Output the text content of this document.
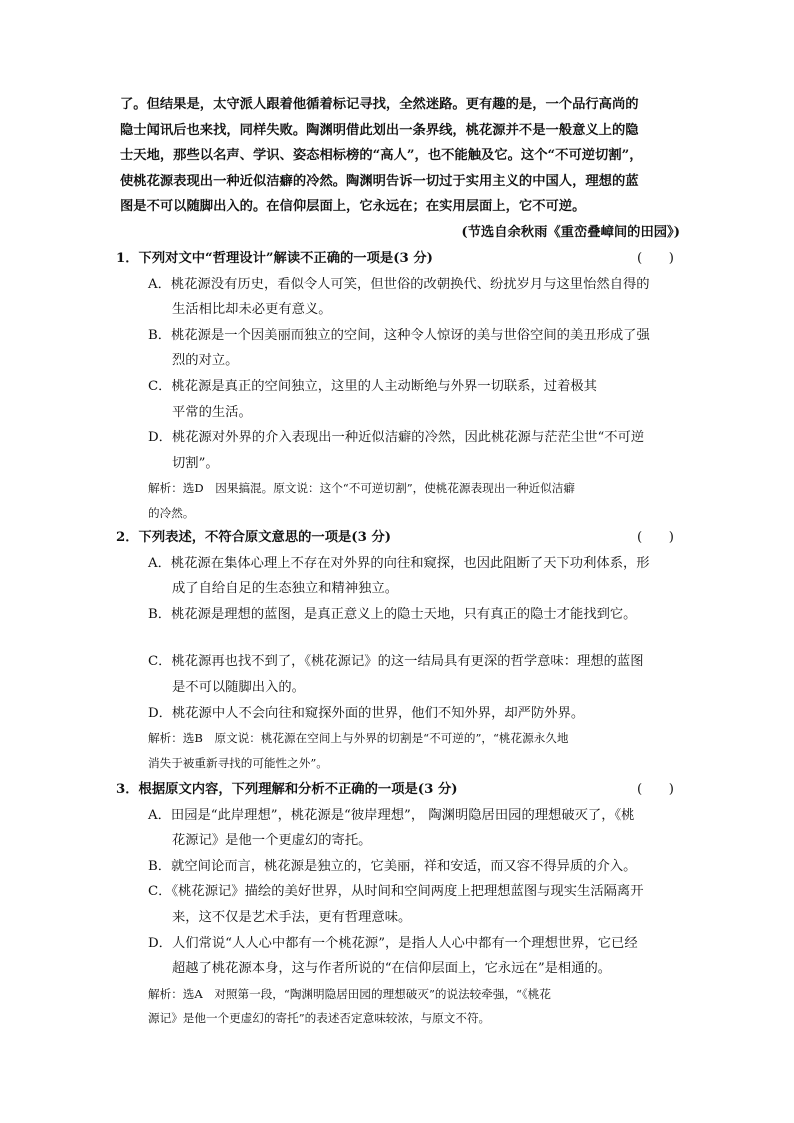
了。但结果是，太守派人跟着他循着标记寻找，全然迷路。更有趣的是，一个品行高尚的

隐士闻讯后也来找，同样失败。陶渊明借此划出一条界线，桃花源并不是一般意义上的隐

士天地，那些以名声、学识、姿态相标榜的“高人”，也不能触及它。这个“不可逆切割”，

使桃花源表现出一种近似洁癖的冷然。陶渊明告诉一切过于实用主义的中国人，理想的蓝

图是不可以随脚出入的。在信仰层面上，它永远在；在实用层面上，它不可逆。

(节选自余秋雨《重峦叠嶂间的田园》)

1．下列对文中“哲理设计”解读不正确的一项是(3 分)	(　　)
A．桃花源没有历史，看似令人可笑，但世俗的改朝换代、纷扰岁月与这里怡然自得的
生活相比却未必更有意义。
B．桃花源是一个因美丽而独立的空间，这种令人惊讶的美与世俗空间的美丑形成了强
烈的对立。
C．桃花源是真正的空间独立，这里的人主动断绝与外界一切联系，过着极其
平常的生活。
D．桃花源对外界的介入表现出一种近似洁癖的冷然，因此桃花源与茫茫尘世“不可逆
切割”。
解析：选D　因果搞混。原文说：这个“不可逆切割”，使桃花源表现出一种近似洁癖
的冷然。
2．下列表述，不符合原文意思的一项是(3 分)	(　　)
A．桃花源在集体心理上不存在对外界的向往和窥探，也因此阻断了天下功利体系，形
成了自给自足的生态独立和精神独立。
B．桃花源是理想的蓝图，是真正意义上的隐士天地，只有真正的隐士才能找到它。
C．桃花源再也找不到了，《桃花源记》的这一结局具有更深的哲学意味：理想的蓝图
是不可以随脚出入的。
D．桃花源中人不会向往和窥探外面的世界，他们不知外界，却严防外界。
解析：选B　原文说：桃花源在空间上与外界的切割是“不可逆的”，“桃花源永久地
消失于被重新寻找的可能性之外”。
3．根据原文内容，下列理解和分析不正确的一项是(3 分)	(　　)
A．田园是“此岸理想”，桃花源是“彼岸理想”， 陶渊明隐居田园的理想破灭了，《桃
花源记》是他一个更虚幻的寄托。
B．就空间论而言，桃花源是独立的，它美丽，祥和安适，而又容不得异质的介入。
C．《桃花源记》描绘的美好世界，从时间和空间两度上把理想蓝图与现实生活隔离开
来，这不仅是艺术手法，更有哲理意味。
D．人们常说“人人心中都有一个桃花源”，是指人人心中都有一个理想世界，它已经
超越了桃花源本身，这与作者所说的“在信仰层面上，它永远在”是相通的。
解析：选A　对照第一段，“陶渊明隐居田园的理想破灭”的说法较牵强，“《桃花
源记》是他一个更虚幻的寄托”的表述否定意味较浓，与原文不符。
